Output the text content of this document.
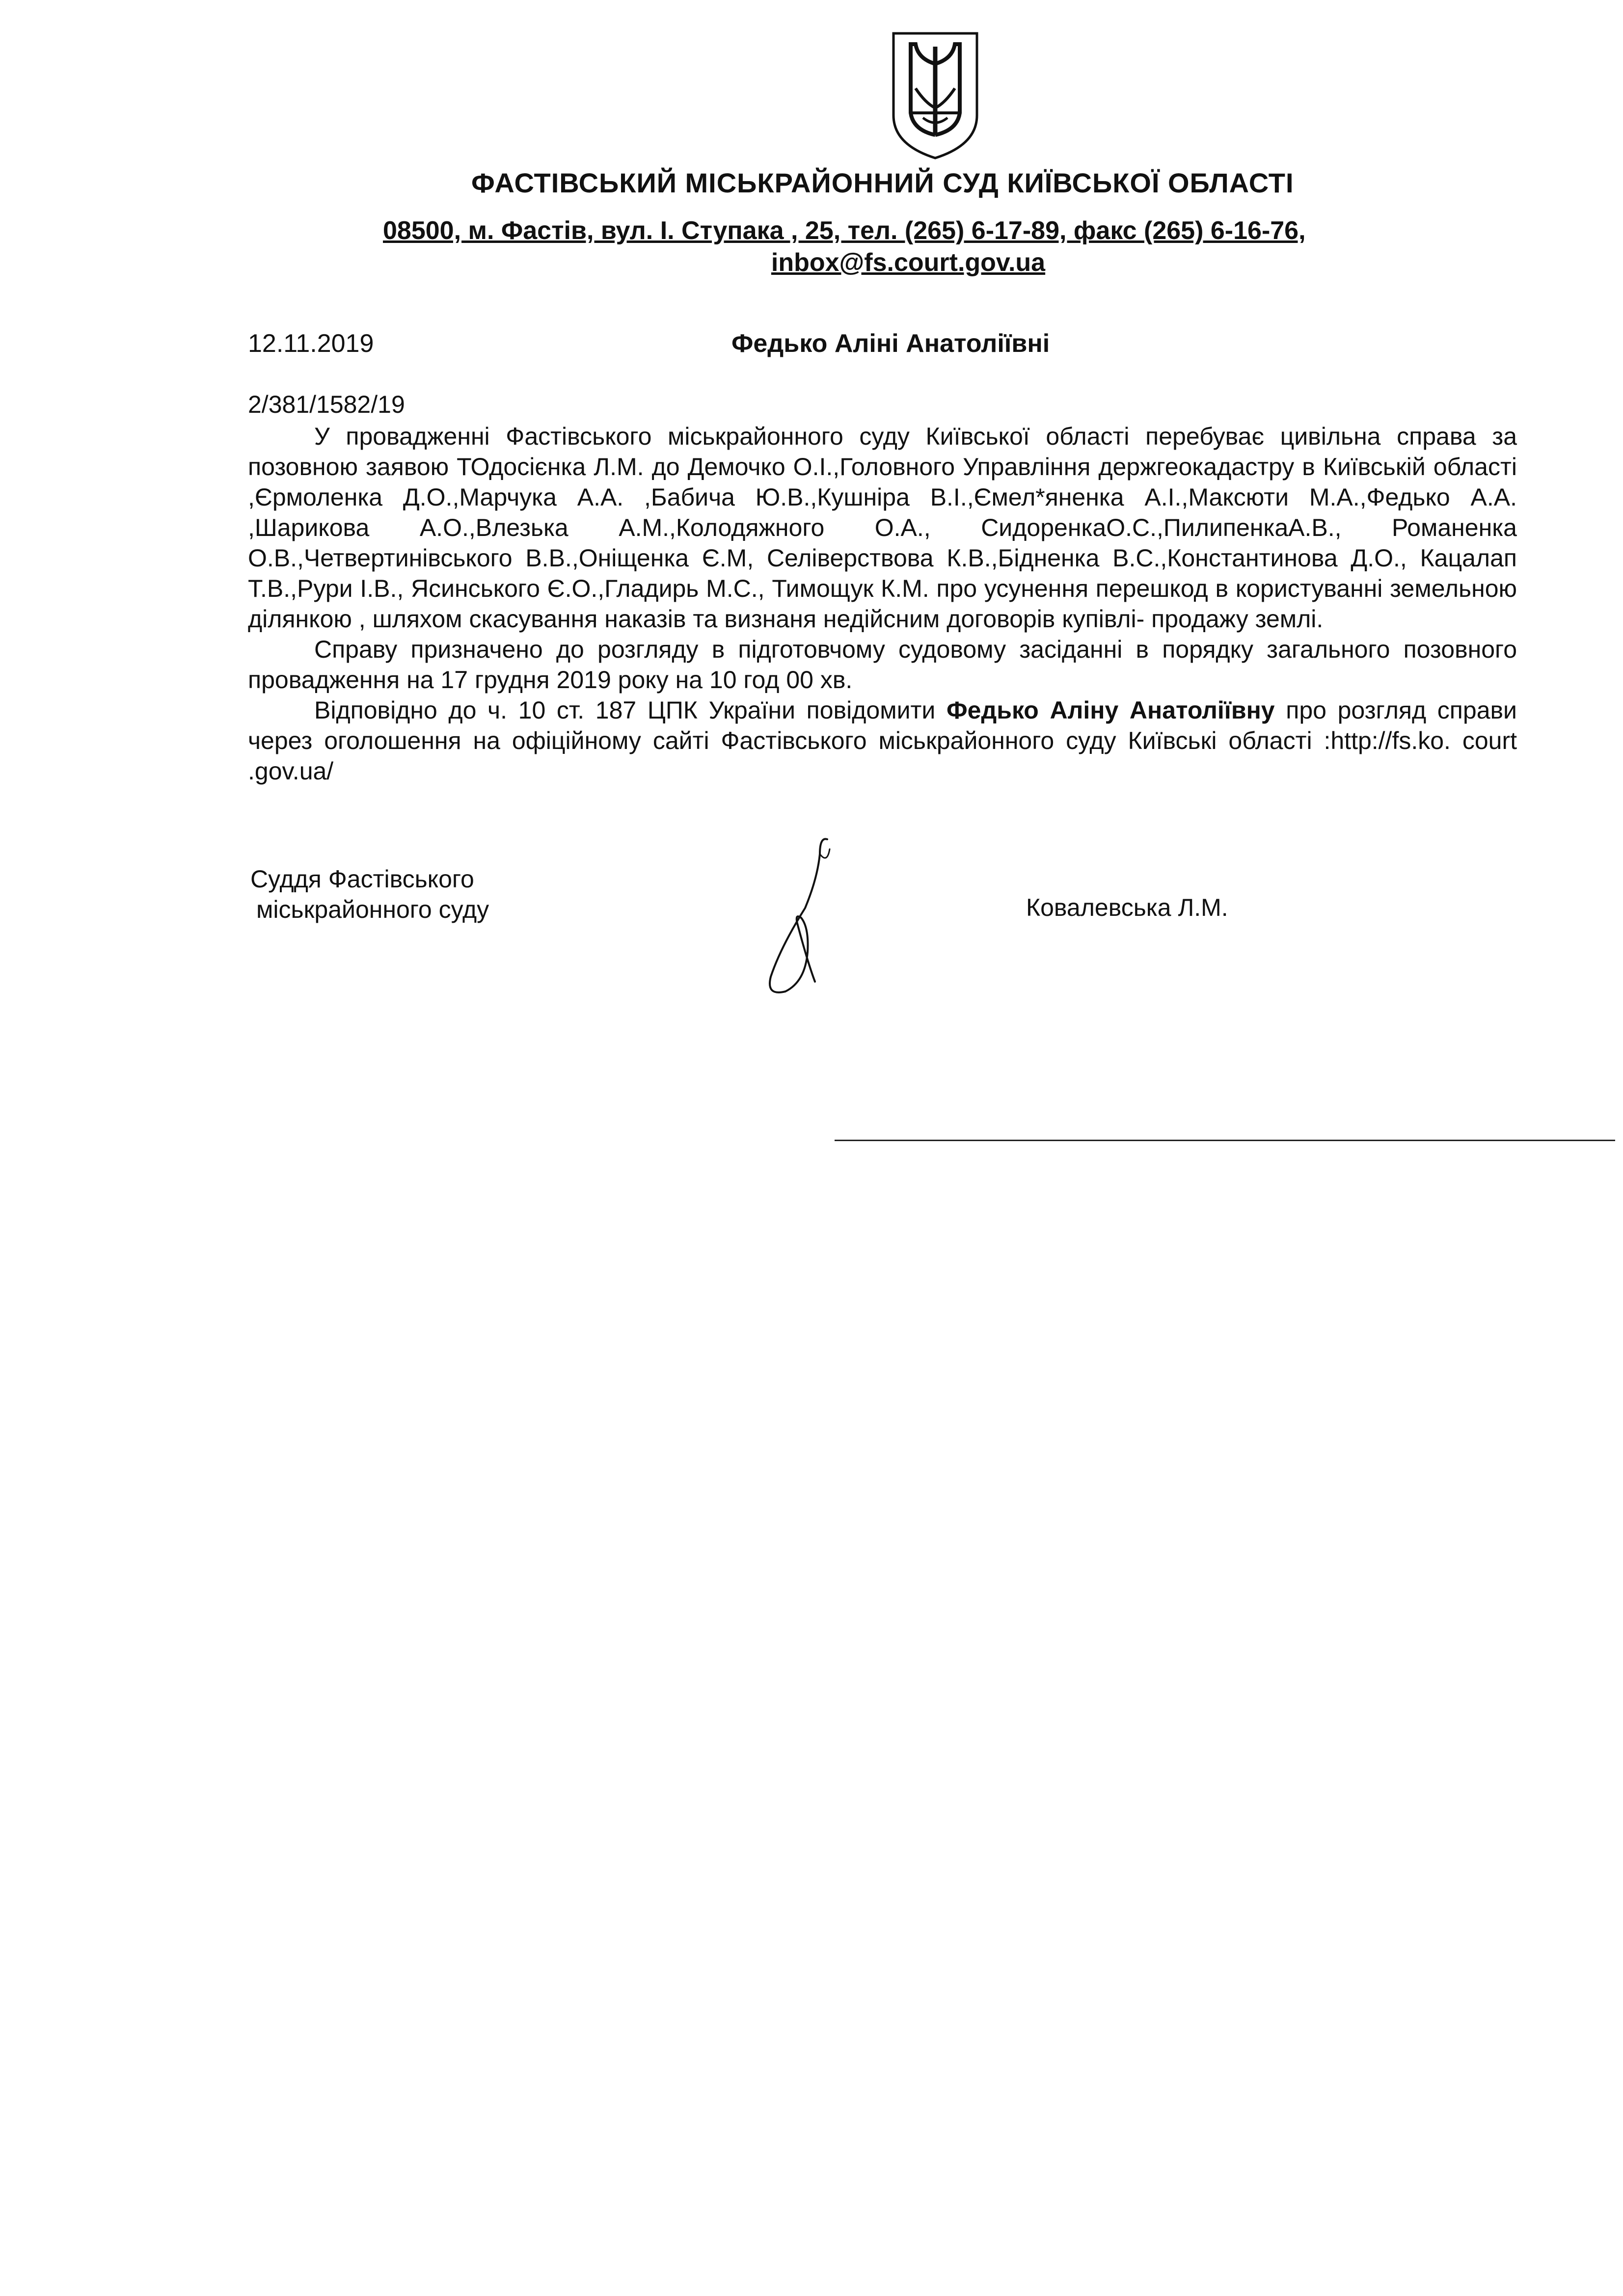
ФАСТІВСЬКИЙ МІСЬКРАЙОННИЙ СУД КИЇВСЬКОЇ ОБЛАСТІ
08500, м. Фастів, вул. І. Ступака , 25, тел. (265) 6-17-89, факс (265) 6-16-76,
inbox@fs.court.gov.ua
12.11.2019	Федько Аліні Анатоліївні
2/381/1582/19

У провадженні Фастівського міськрайонного суду Київської області перебуває цивільна справа за позовною заявою ТОдосієнка Л.М. до Демочко О.І.,Головного Управління держгеокадастру в Київській області ,Єрмоленка Д.О.,Марчука А.А. ,Бабича Ю.В.,Кушніра В.І.,Ємел*яненка А.І.,Максюти М.А.,Федько А.А. ,Шарикова А.О.,Влезька А.М.,Колодяжного О.А., СидоренкаО.С.,ПилипенкаА.В., Романенка О.В.,Четвертинівського В.В.,Оніщенка Є.М, Селіверствова К.В.,Бідненка В.С.,Константинова Д.О., Кацалап Т.В.,Рури І.В., Ясинського Є.О.,Гладирь М.С., Тимощук К.М. про усунення перешкод в користуванні земельною ділянкою , шляхом скасування наказів та визнаня недійсним договорів купівлі- продажу землі.

Справу призначено до розгляду в підготовчому судовому засіданні в порядку загального позовного провадження на 17 грудня 2019 року на 10 год 00 хв.

Відповідно до ч. 10 ст. 187 ЦПК України повідомити Федько Аліну Анатоліївну про розгляд справи через оголошення на офіційному сайті Фастівського міськрайонного суду Київські області :http://fs.ko. court .gov.ua/

Суддя Фастівського
міськрайонного суду	Ковалевська Л.М.
